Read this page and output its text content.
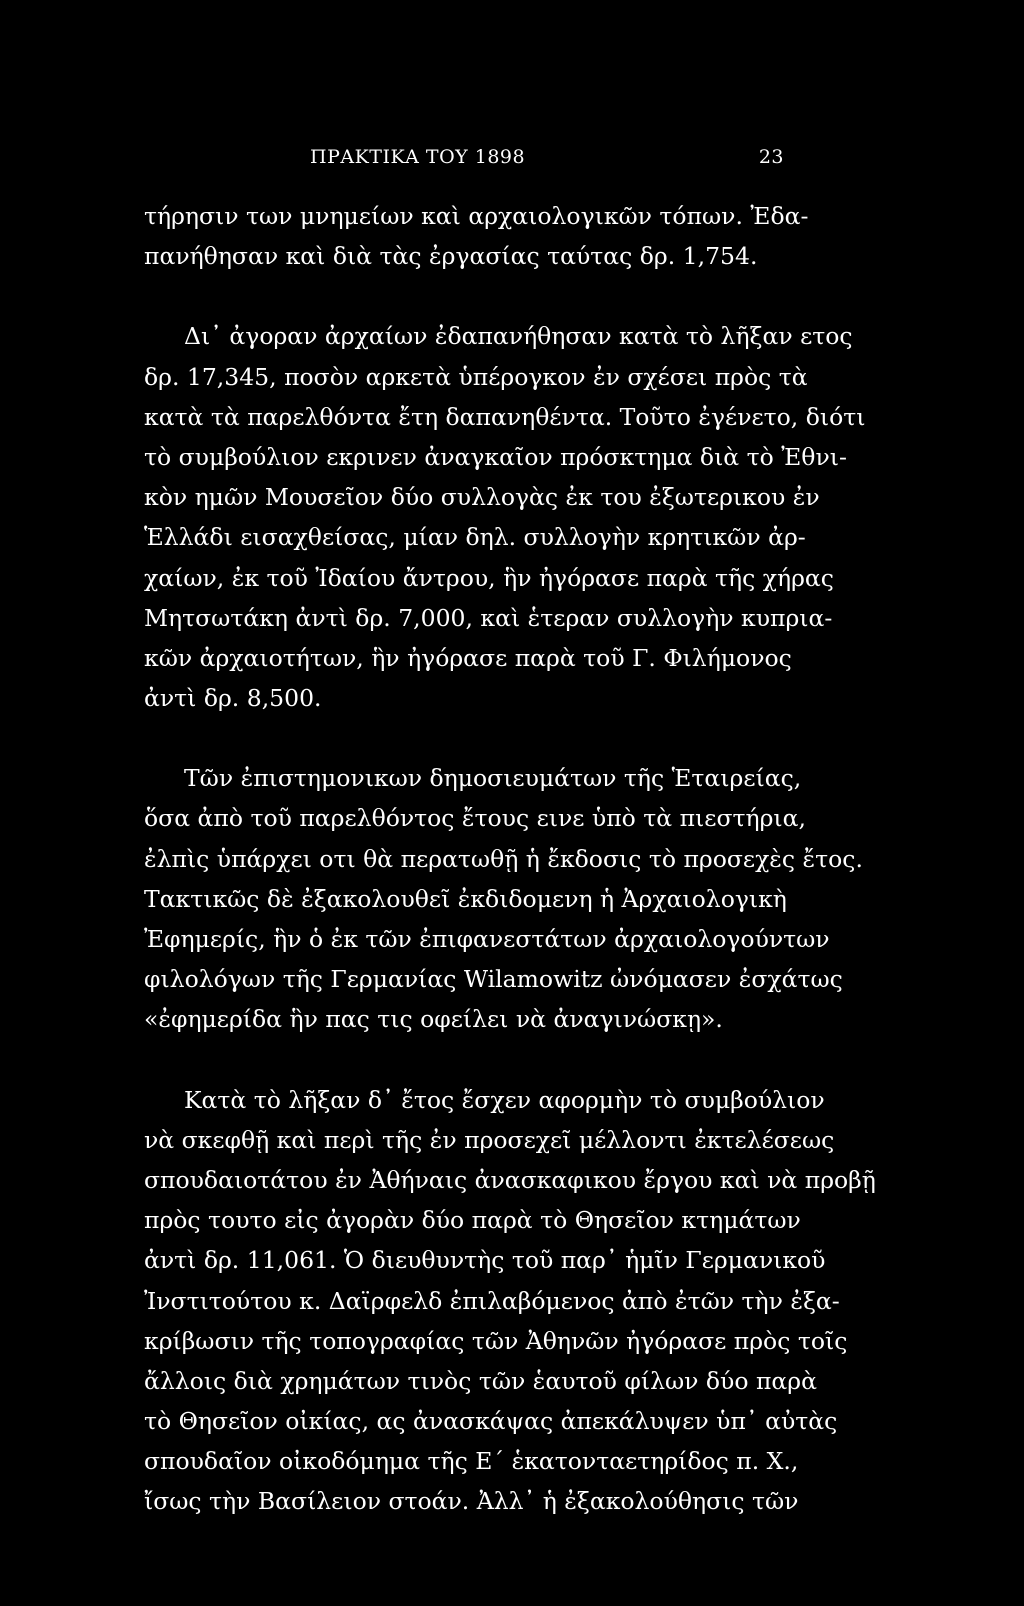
ΠΡΑΚΤΙΚΑ ΤΟΥ 1898	23

τήρησιν των μνημείων καὶ αρχαιολογικῶν τόπων. Ἐδα-
πανήθησαν καὶ διὰ τὰς ἐργασίας ταύτας δρ. 1,754.

Δι᾽ ἀγοραν ἀρχαίων ἐδαπανήθησαν κατὰ τὸ λῆξαν ετος
δρ. 17,345, ποσὸν αρκετὰ ὑπέρογκον ἐν σχέσει πρὸς τὰ
κατὰ τὰ παρελθόντα ἔτη δαπανηθέντα. Τοῦτο ἐγένετο, διότι
τὸ συμβούλιον εκρινεν ἀναγκαῖον πρόσκτημα διὰ τὸ Ἐθνι-
κὸν ημῶν Μουσεῖον δύο συλλογὰς ἐκ του ἐξωτερικου ἐν
Ἑλλάδι εισαχθείσας, μίαν δηλ. συλλογὴν κρητικῶν ἀρ-
χαίων, ἐκ τοῦ Ἰδαίου ἄντρου, ἣν ἠγόρασε παρὰ τῆς χήρας
Μητσωτάκη ἀντὶ δρ. 7,000, καὶ ἑτεραν συλλογὴν κυπρια-
κῶν ἀρχαιοτήτων, ἣν ἠγόρασε παρὰ τοῦ Γ. Φιλήμονος
ἀντὶ δρ. 8,500.

Τῶν ἐπιστημονικων δημοσιευμάτων τῆς Ἑταιρείας,
ὅσα ἀπὸ τοῦ παρελθόντος ἔτους εινε ὑπὸ τὰ πιεστήρια,
ἐλπὶς ὑπάρχει οτι θὰ περατωθῇ ἡ ἔκδοσις τὸ προσεχὲς ἔτος.
Τακτικῶς δὲ ἐξακολουθεῖ ἐκδιδομενη ἡ Ἀρχαιολογικὴ
Ἐφημερίς, ἣν ὁ ἐκ τῶν ἐπιφανεστάτων ἀρχαιολογούντων
φιλολόγων τῆς Γερμανίας Wilamowitz ὠνόμασεν ἐσχάτως
«ἐφημερίδα ἣν πας τις οφείλει νὰ ἀναγινώσκῃ».

Κατὰ τὸ λῆξαν δ᾽ ἔτος ἔσχεν αφορμὴν τὸ συμβούλιον
νὰ σκεφθῇ καὶ περὶ τῆς ἐν προσεχεῖ μέλλοντι ἐκτελέσεως
σπουδαιοτάτου ἐν Ἀθήναις ἀνασκαφικου ἔργου καὶ νὰ προβῇ
πρὸς τουτο εἰς ἀγορὰν δύο παρὰ τὸ Θησεῖον κτημάτων
ἀντὶ δρ. 11,061. Ὁ διευθυντὴς τοῦ παρ᾽ ἡμῖν Γερμανικοῦ
Ἰνστιτούτου κ. Δαϊρφελδ ἐπιλαβόμενος ἀπὸ ἐτῶν τὴν ἐξα-
κρίβωσιν τῆς τοπογραφίας τῶν Ἀθηνῶν ἠγόρασε πρὸς τοῖς
ἄλλοις διὰ χρημάτων τινὸς τῶν ἑαυτοῦ φίλων δύο παρὰ
τὸ Θησεῖον οἰκίας, ας ἀνασκάψας ἀπεκάλυψεν ὑπ᾽ αὐτὰς
σπουδαῖον οἰκοδόμημα τῆς Ε΄ ἑκατονταετηρίδος π. Χ.,
ἴσως τὴν Βασίλειον στοάν. Ἀλλ᾽ ἡ ἐξακολούθησις τῶν
